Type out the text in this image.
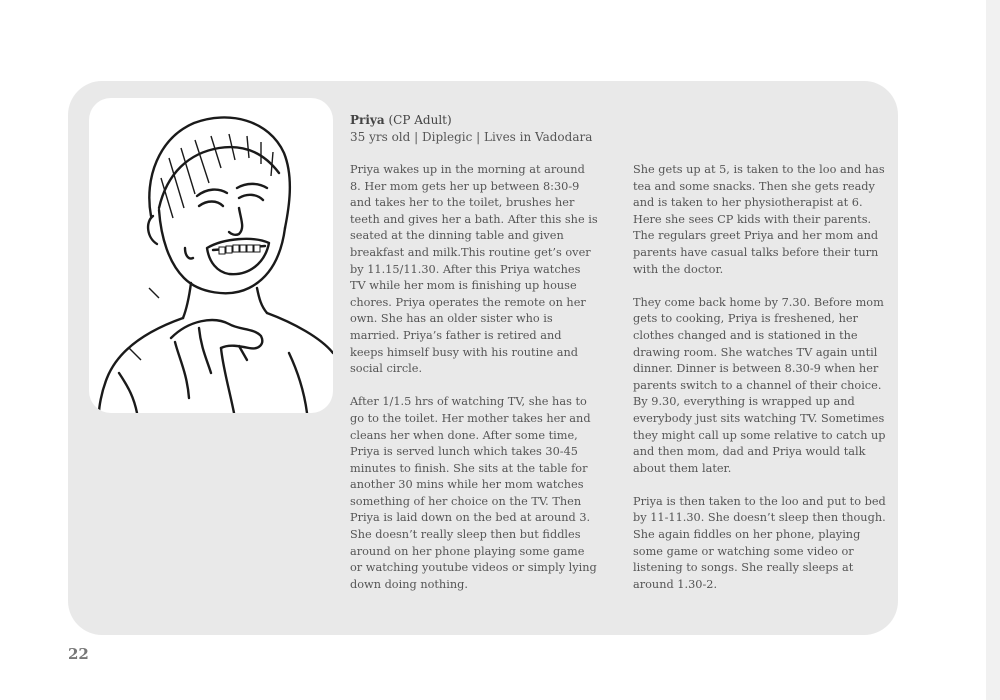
Priya (CP Adult)
35 yrs old | Diplegic | Lives in Vadodara

Priya wakes up in the morning at around 8. Her mom gets her up between 8:30-9 and takes her to the toilet, brushes her teeth and gives her a bath. After this she is seated at the dinning table and given breakfast and milk.This routine get’s over by 11.15/11.30. After this Priya watches TV while her mom is finishing up house chores. Priya operates the remote on her own. She has an older sister who is married. Priya’s father is retired and keeps himself busy with his routine and social circle.

After 1/1.5 hrs of watching TV, she has to go to the toilet. Her mother takes her and cleans her when done. After some time, Priya is served lunch which takes 30-45 minutes to finish. She sits at the table for another 30 mins while her mom watches something of her choice on the TV. Then Priya is laid down on the bed at around 3. She doesn’t really sleep then but fiddles around on her phone playing some game or watching youtube videos or simply lying down doing nothing.

She gets up at 5, is taken to the loo and has tea and some snacks. Then she gets ready and is taken to her physiotherapist at 6. Here she sees CP kids with their parents. The regulars greet Priya and her mom and parents have casual talks before their turn with the doctor.

They come back home by 7.30. Before mom gets to cooking, Priya is freshened, her clothes changed and is stationed in the drawing room. She watches TV again until dinner. Dinner is between 8.30-9 when her parents switch to a channel of their choice. By 9.30, everything is wrapped up and everybody just sits watching TV. Sometimes they might call up some relative to catch up and then mom, dad and Priya would talk about them later.

Priya is then taken to the loo and put to bed by 11-11.30. She doesn’t sleep then though. She again fiddles on her phone, playing some game or watching some video or listening to songs. She really sleeps at around 1.30-2.

22
